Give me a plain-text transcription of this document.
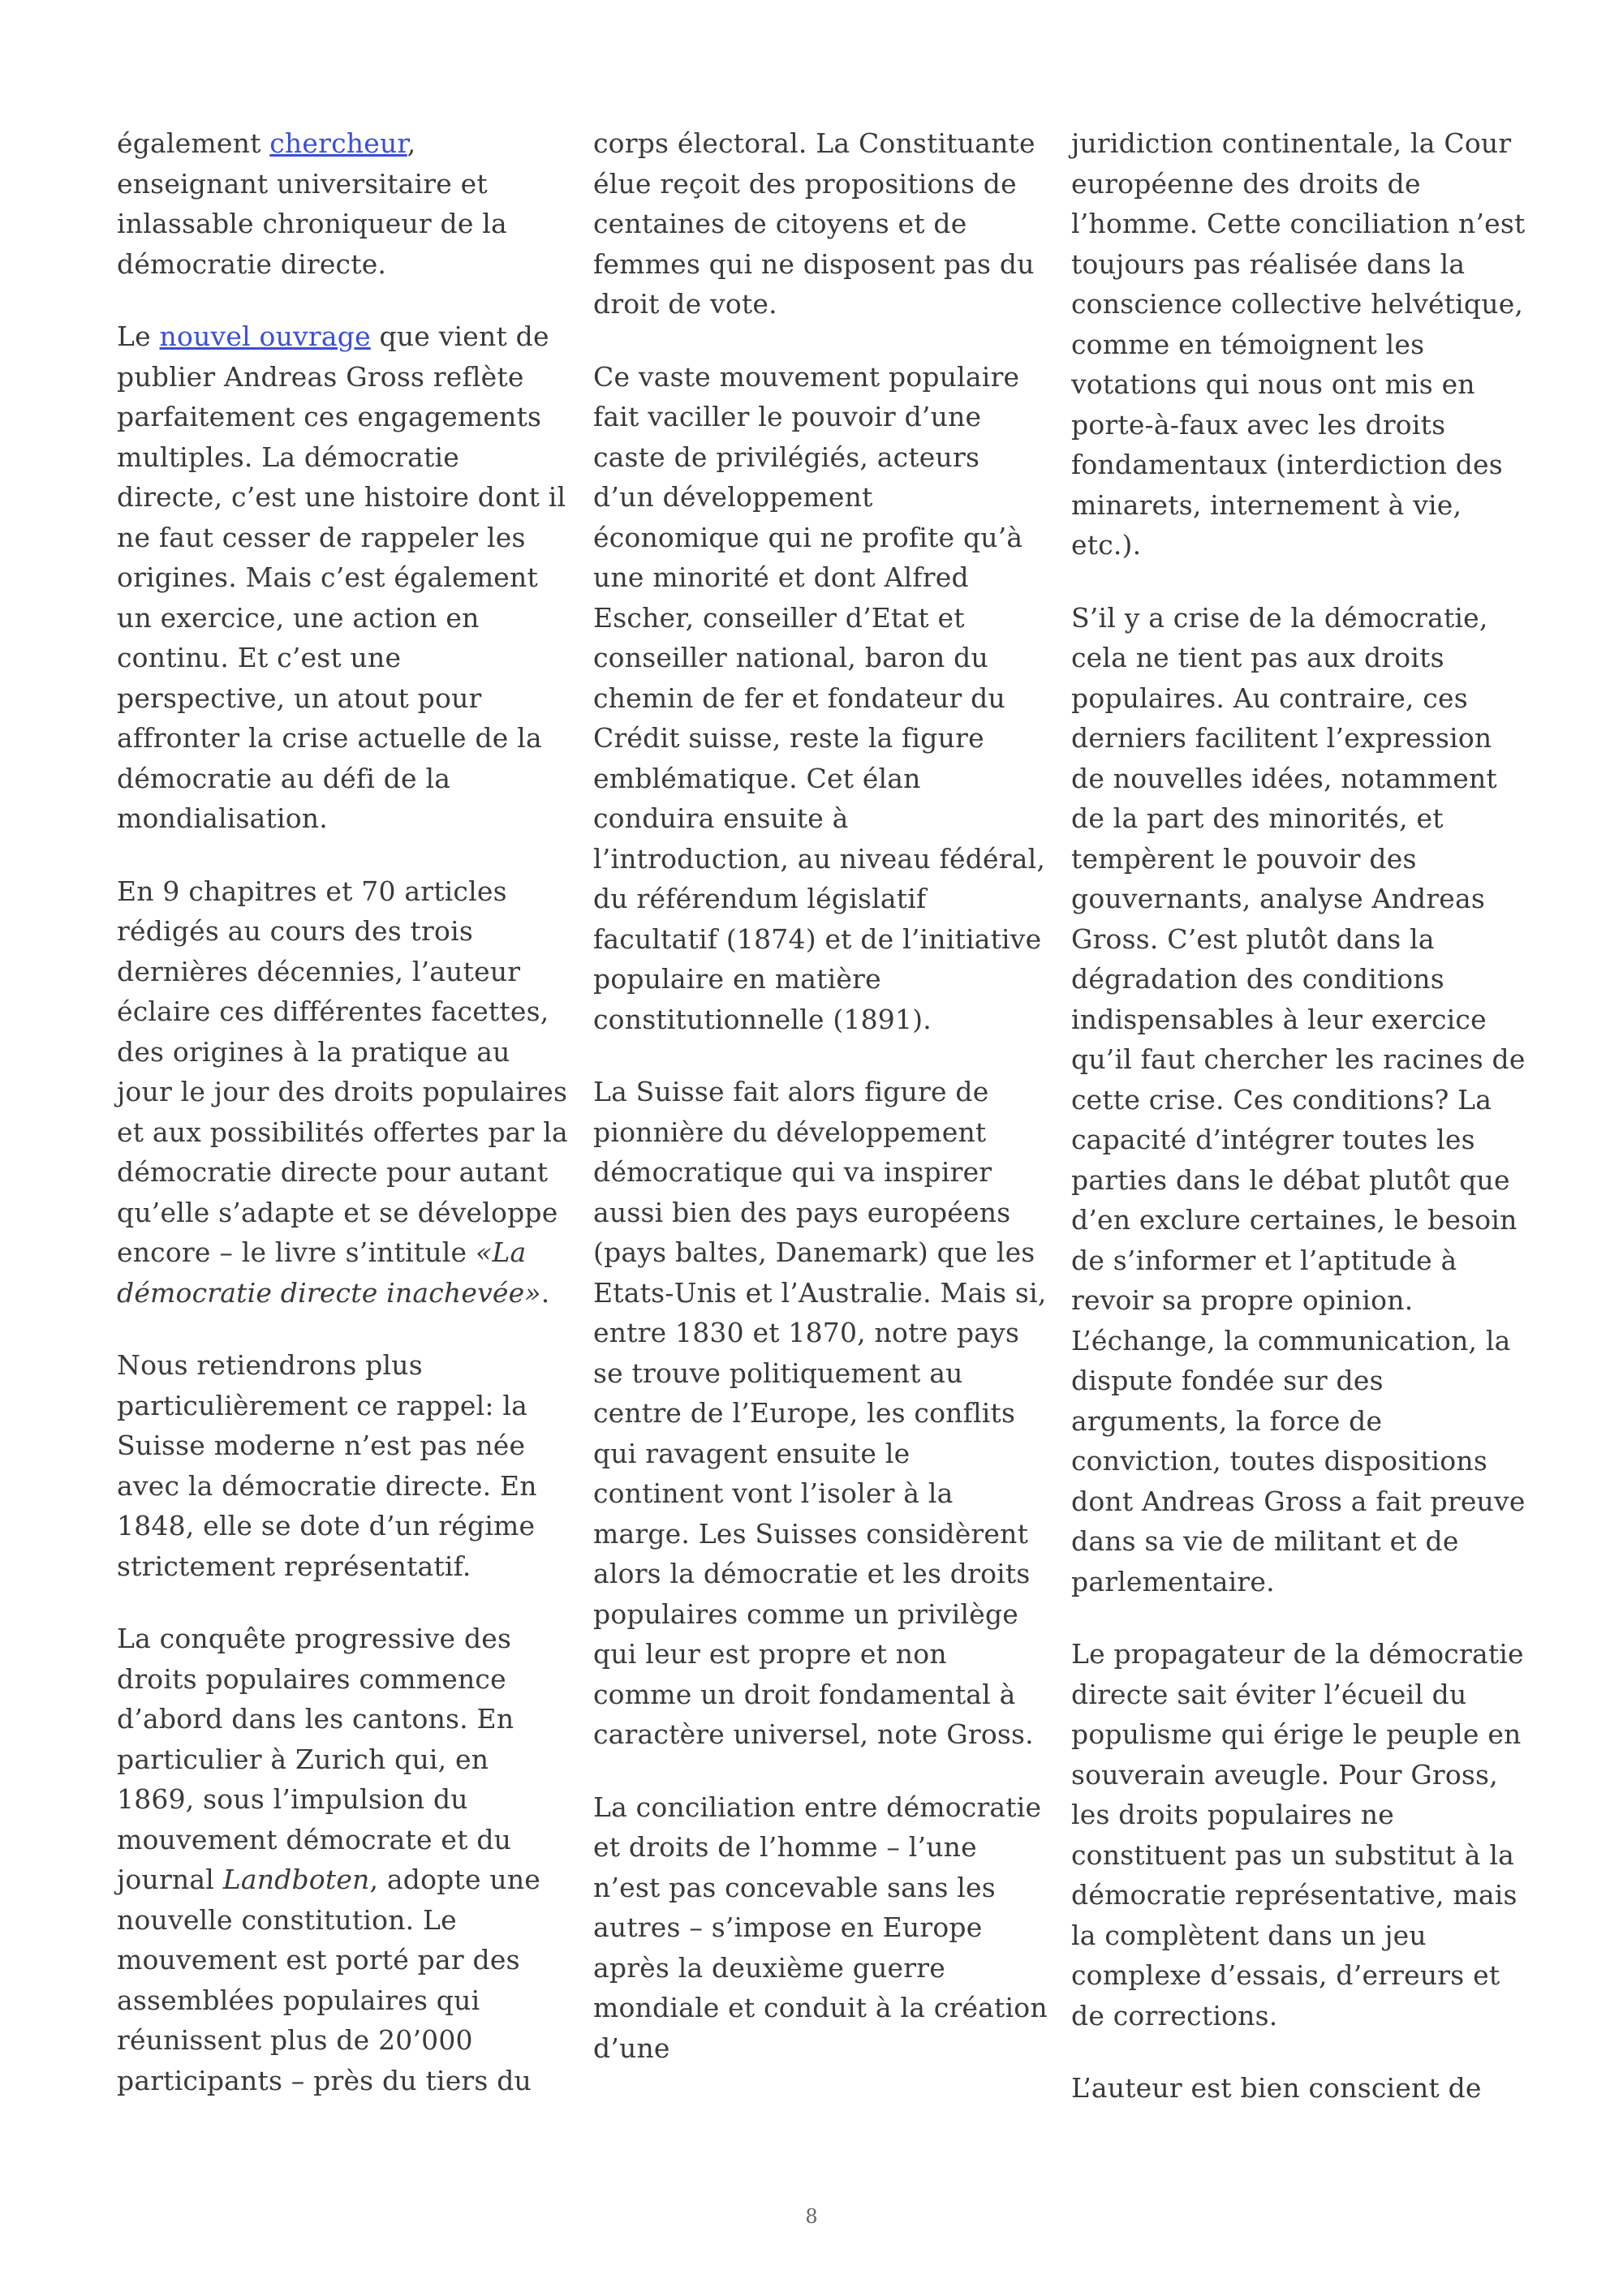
également chercheur, enseignant universitaire et inlassable chroniqueur de la démocratie directe.

Le nouvel ouvrage que vient de publier Andreas Gross reflète parfaitement ces engagements multiples. La démocratie directe, c’est une histoire dont il ne faut cesser de rappeler les origines. Mais c’est également un exercice, une action en continu. Et c’est une perspective, un atout pour affronter la crise actuelle de la démocratie au défi de la mondialisation.

En 9 chapitres et 70 articles rédigés au cours des trois dernières décennies, l’auteur éclaire ces différentes facettes, des origines à la pratique au jour le jour des droits populaires et aux possibilités offertes par la démocratie directe pour autant qu’elle s’adapte et se développe encore – le livre s’intitule «La démocratie directe inachevée».

Nous retiendrons plus particulièrement ce rappel: la Suisse moderne n’est pas née avec la démocratie directe. En 1848, elle se dote d’un régime strictement représentatif.

La conquête progressive des droits populaires commence d’abord dans les cantons. En particulier à Zurich qui, en 1869, sous l’impulsion du mouvement démocrate et du journal Landboten, adopte une nouvelle constitution. Le mouvement est porté par des assemblées populaires qui réunissent plus de 20’000 participants – près du tiers du

corps électoral. La Constituante élue reçoit des propositions de centaines de citoyens et de femmes qui ne disposent pas du droit de vote.

Ce vaste mouvement populaire fait vaciller le pouvoir d’une caste de privilégiés, acteurs d’un développement économique qui ne profite qu’à une minorité et dont Alfred Escher, conseiller d’Etat et conseiller national, baron du chemin de fer et fondateur du Crédit suisse, reste la figure emblématique. Cet élan conduira ensuite à l’introduction, au niveau fédéral, du référendum législatif facultatif (1874) et de l’initiative populaire en matière constitutionnelle (1891).

La Suisse fait alors figure de pionnière du développement démocratique qui va inspirer aussi bien des pays européens (pays baltes, Danemark) que les Etats-Unis et l’Australie. Mais si, entre 1830 et 1870, notre pays se trouve politiquement au centre de l’Europe, les conflits qui ravagent ensuite le continent vont l’isoler à la marge. Les Suisses considèrent alors la démocratie et les droits populaires comme un privilège qui leur est propre et non comme un droit fondamental à caractère universel, note Gross.

La conciliation entre démocratie et droits de l’homme – l’une n’est pas concevable sans les autres – s’impose en Europe après la deuxième guerre mondiale et conduit à la création d’une

juridiction continentale, la Cour européenne des droits de l’homme. Cette conciliation n’est toujours pas réalisée dans la conscience collective helvétique, comme en témoignent les votations qui nous ont mis en porte-à-faux avec les droits fondamentaux (interdiction des minarets, internement à vie, etc.).

S’il y a crise de la démocratie, cela ne tient pas aux droits populaires. Au contraire, ces derniers facilitent l’expression de nouvelles idées, notamment de la part des minorités, et tempèrent le pouvoir des gouvernants, analyse Andreas Gross. C’est plutôt dans la dégradation des conditions indispensables à leur exercice qu’il faut chercher les racines de cette crise. Ces conditions? La capacité d’intégrer toutes les parties dans le débat plutôt que d’en exclure certaines, le besoin de s’informer et l’aptitude à revoir sa propre opinion. L’échange, la communication, la dispute fondée sur des arguments, la force de conviction, toutes dispositions dont Andreas Gross a fait preuve dans sa vie de militant et de parlementaire.

Le propagateur de la démocratie directe sait éviter l’écueil du populisme qui érige le peuple en souverain aveugle. Pour Gross, les droits populaires ne constituent pas un substitut à la démocratie représentative, mais la complètent dans un jeu complexe d’essais, d’erreurs et de corrections.

L’auteur est bien conscient de

8
